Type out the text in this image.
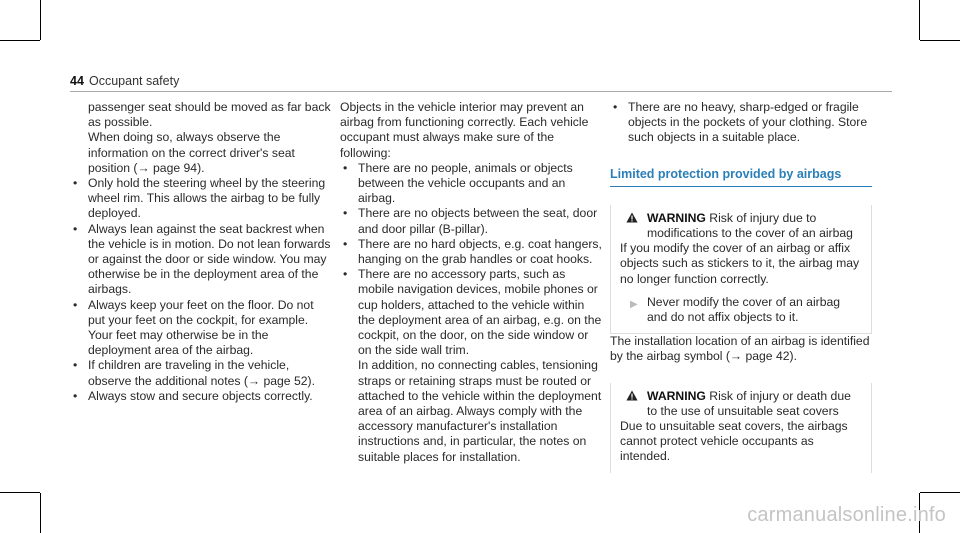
44 Occupant safety

passenger seat should be moved as far back as possible.

When doing so, always observe the information on the correct driver's seat position (→ page 94).

• Only hold the steering wheel by the steering wheel rim. This allows the airbag to be fully deployed.

• Always lean against the seat backrest when the vehicle is in motion. Do not lean forwards or against the door or side window. You may otherwise be in the deployment area of the airbags.

• Always keep your feet on the floor. Do not put your feet on the cockpit, for example. Your feet may otherwise be in the deployment area of the airbag.

• If children are traveling in the vehicle, observe the additional notes (→ page 52).

• Always stow and secure objects correctly.

Objects in the vehicle interior may prevent an airbag from functioning correctly. Each vehicle occupant must always make sure of the following:

• There are no people, animals or objects between the vehicle occupants and an airbag.

• There are no objects between the seat, door and door pillar (B-pillar).

• There are no hard objects, e.g. coat hangers, hanging on the grab handles or coat hooks.

• There are no accessory parts, such as mobile navigation devices, mobile phones or cup holders, attached to the vehicle within the deployment area of an airbag, e.g. on the cockpit, on the door, on the side window or on the side wall trim.

In addition, no connecting cables, tensioning straps or retaining straps must be routed or attached to the vehicle within the deployment area of an airbag. Always comply with the accessory manufacturer's installation instructions and, in particular, the notes on suitable places for installation.

• There are no heavy, sharp-edged or fragile objects in the pockets of your clothing. Store such objects in a suitable place.

Limited protection provided by airbags
WARNING Risk of injury due to modifications to the cover of an airbag

If you modify the cover of an airbag or affix objects such as stickers to it, the airbag may no longer function correctly.

▶ Never modify the cover of an airbag and do not affix objects to it.

The installation location of an airbag is identified by the airbag symbol (→ page 42).

WARNING Risk of injury or death due to the use of unsuitable seat covers

Due to unsuitable seat covers, the airbags cannot protect vehicle occupants as intended.

carmanualsonline.info
